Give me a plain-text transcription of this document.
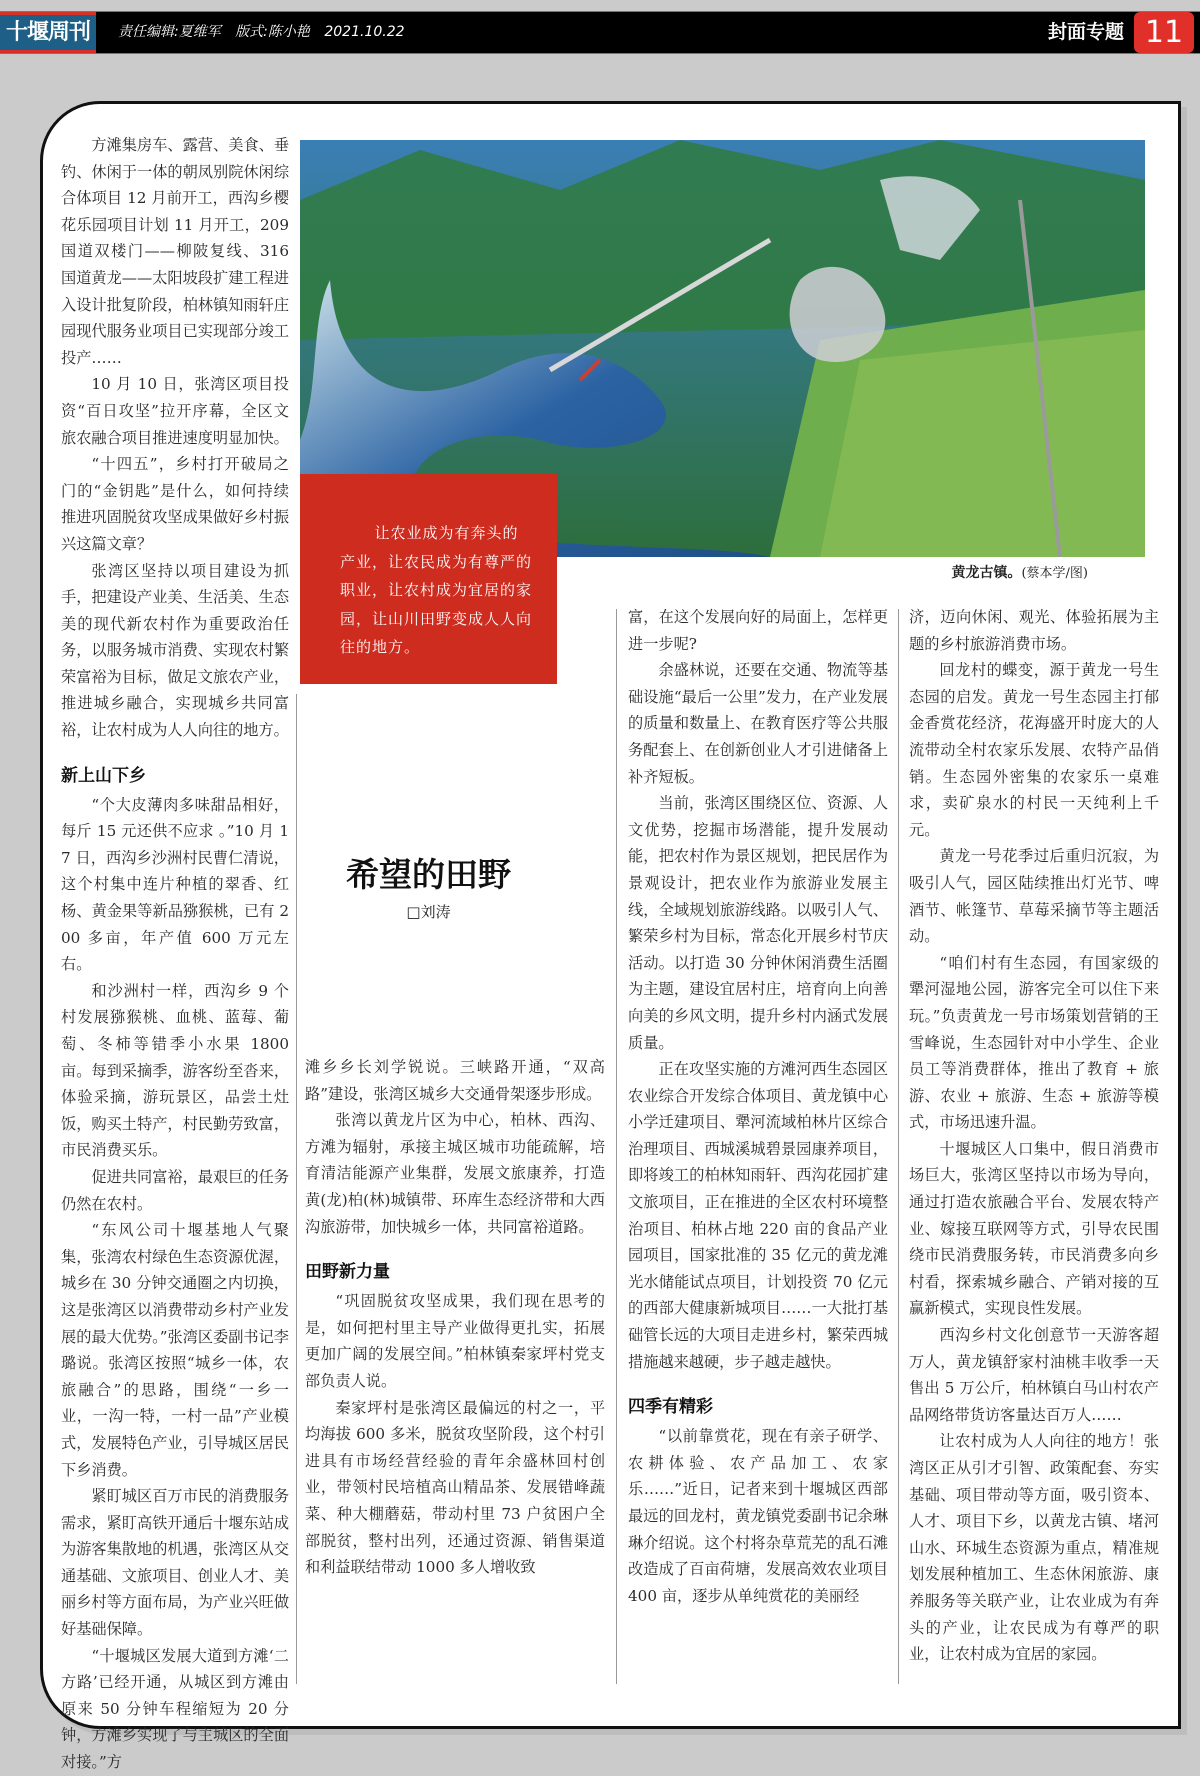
十堰周刊	责任编辑:夏维军 版式:陈小艳 2021.10.22	封面专题 11

方滩集房车、露营、美食、垂钓、休闲于一体的朝凤别院休闲综合体项目 12 月前开工，西沟乡樱花乐园项目计划 11 月开工，209 国道双楼门——柳陂复线、316 国道黄龙——太阳坡段扩建工程进入设计批复阶段，柏林镇知雨轩庄园现代服务业项目已实现部分竣工投产……

10 月 10 日，张湾区项目投资“百日攻坚”拉开序幕，全区文旅农融合项目推进速度明显加快。

“十四五”，乡村打开破局之门的“金钥匙”是什么，如何持续推进巩固脱贫攻坚成果做好乡村振兴这篇文章？

张湾区坚持以项目建设为抓手，把建设产业美、生活美、生态美的现代新农村作为重要政治任务，以服务城市消费、实现农村繁荣富裕为目标，做足文旅农产业，推进城乡融合，实现城乡共同富裕，让农村成为人人向往的地方。

新上山下乡

“个大皮薄肉多味甜品相好，每斤 15 元还供不应求 。”10 月 17 日，西沟乡沙洲村民曹仁清说，这个村集中连片种植的翠香、红杨、黄金果等新品猕猴桃，已有 200 多亩，年产值 600 万元左右。

和沙洲村一样，西沟乡 9 个村发展猕猴桃、血桃、蓝莓、葡萄、冬柿等错季小水果 1800 亩。每到采摘季，游客纷至沓来，体验采摘，游玩景区，品尝土灶饭，购买土特产，村民勤劳致富，市民消费买乐。

促进共同富裕，最艰巨的任务仍然在农村。

“东风公司十堰基地人气聚集，张湾农村绿色生态资源优渥，城乡在 30 分钟交通圈之内切换，这是张湾区以消费带动乡村产业发展的最大优势。”张湾区委副书记李璐说。张湾区按照“城乡一体，农旅融合”的思路，围绕“一乡一业，一沟一特，一村一品”产业模式，发展特色产业，引导城区居民下乡消费。

紧盯城区百万市民的消费服务需求，紧盯高铁开通后十堰东站成为游客集散地的机遇，张湾区从交通基础、文旅项目、创业人才、美丽乡村等方面布局，为产业兴旺做好基础保障。

“十堰城区发展大道到方滩‘二方路’已经开通，从城区到方滩由原来 50 分钟车程缩短为 20 分钟，方滩乡实现了与主城区的全面对接。”方

黄龙古镇。(蔡本学/图)

让农业成为有奔头的产业，让农民成为有尊严的职业，让农村成为宜居的家园，让山川田野变成人人向往的地方。

希望的田野
□刘涛

滩乡乡长刘学锐说。三峡路开通，“双高路”建设，张湾区城乡大交通骨架逐步形成。

张湾以黄龙片区为中心，柏林、西沟、方滩为辐射，承接主城区城市功能疏解，培育清洁能源产业集群，发展文旅康养，打造黄(龙)柏(林)城镇带、环库生态经济带和大西沟旅游带，加快城乡一体，共同富裕道路。

田野新力量

“巩固脱贫攻坚成果，我们现在思考的是，如何把村里主导产业做得更扎实，拓展更加广阔的发展空间。”柏林镇秦家坪村党支部负责人说。

秦家坪村是张湾区最偏远的村之一，平均海拔 600 多米，脱贫攻坚阶段，这个村引进具有市场经营经验的青年余盛林回村创业，带领村民培植高山精品茶、发展错峰蔬菜、种大棚蘑菇，带动村里 73 户贫困户全部脱贫，整村出列，还通过资源、销售渠道和利益联结带动 1000 多人增收致

富，在这个发展向好的局面上，怎样更进一步呢?

余盛林说，还要在交通、物流等基础设施“最后一公里”发力，在产业发展的质量和数量上、在教育医疗等公共服务配套上、在创新创业人才引进储备上补齐短板。

当前，张湾区围绕区位、资源、人文优势，挖掘市场潜能，提升发展动能，把农村作为景区规划，把民居作为景观设计，把农业作为旅游业发展主线，全域规划旅游线路。以吸引人气、繁荣乡村为目标，常态化开展乡村节庆活动。以打造 30 分钟休闲消费生活圈为主题，建设宜居村庄，培育向上向善向美的乡风文明，提升乡村内涵式发展质量。

正在攻坚实施的方滩河西生态园区农业综合开发综合体项目、黄龙镇中心小学迁建项目、犟河流域柏林片区综合治理项目、西城溪城碧景园康养项目，即将竣工的柏林知雨轩、西沟花园扩建文旅项目，正在推进的全区农村环境整治项目、柏林占地 220 亩的食品产业园项目，国家批准的 35 亿元的黄龙滩光水储能试点项目，计划投资 70 亿元的西部大健康新城项目……一大批打基础管长远的大项目走进乡村，繁荣西城措施越来越硬，步子越走越快。

四季有精彩

“以前靠赏花，现在有亲子研学、农耕体验、农产品加工、农家乐……”近日，记者来到十堰城区西部最远的回龙村，黄龙镇党委副书记余琳琳介绍说。这个村将杂草荒芜的乱石滩改造成了百亩荷塘，发展高效农业项目 400 亩，逐步从单纯赏花的美丽经

济，迈向休闲、观光、体验拓展为主题的乡村旅游消费市场。

回龙村的蝶变，源于黄龙一号生态园的启发。黄龙一号生态园主打郁金香赏花经济，花海盛开时庞大的人流带动全村农家乐发展、农特产品俏销。生态园外密集的农家乐一桌难求，卖矿泉水的村民一天纯利上千元。

黄龙一号花季过后重归沉寂，为吸引人气，园区陆续推出灯光节、啤酒节、帐篷节、草莓采摘节等主题活动。

“咱们村有生态园，有国家级的犟河湿地公园，游客完全可以住下来玩。”负责黄龙一号市场策划营销的王雪峰说，生态园针对中小学生、企业员工等消费群体，推出了教育 + 旅游、农业 + 旅游、生态 + 旅游等模式，市场迅速升温。

十堰城区人口集中，假日消费市场巨大，张湾区坚持以市场为导向，通过打造农旅融合平台、发展农特产业、嫁接互联网等方式，引导农民围绕市民消费服务转，市民消费多向乡村看，探索城乡融合、产销对接的互赢新模式，实现良性发展。

西沟乡村文化创意节一天游客超万人，黄龙镇舒家村油桃丰收季一天售出 5 万公斤，柏林镇白马山村农产品网络带货访客量达百万人……

让农村成为人人向往的地方！张湾区正从引才引智、政策配套、夯实基础、项目带动等方面，吸引资本、人才、项目下乡，以黄龙古镇、堵河山水、环城生态资源为重点，精准规划发展种植加工、生态休闲旅游、康养服务等关联产业，让农业成为有奔头的产业，让农民成为有尊严的职业，让农村成为宜居的家园。
